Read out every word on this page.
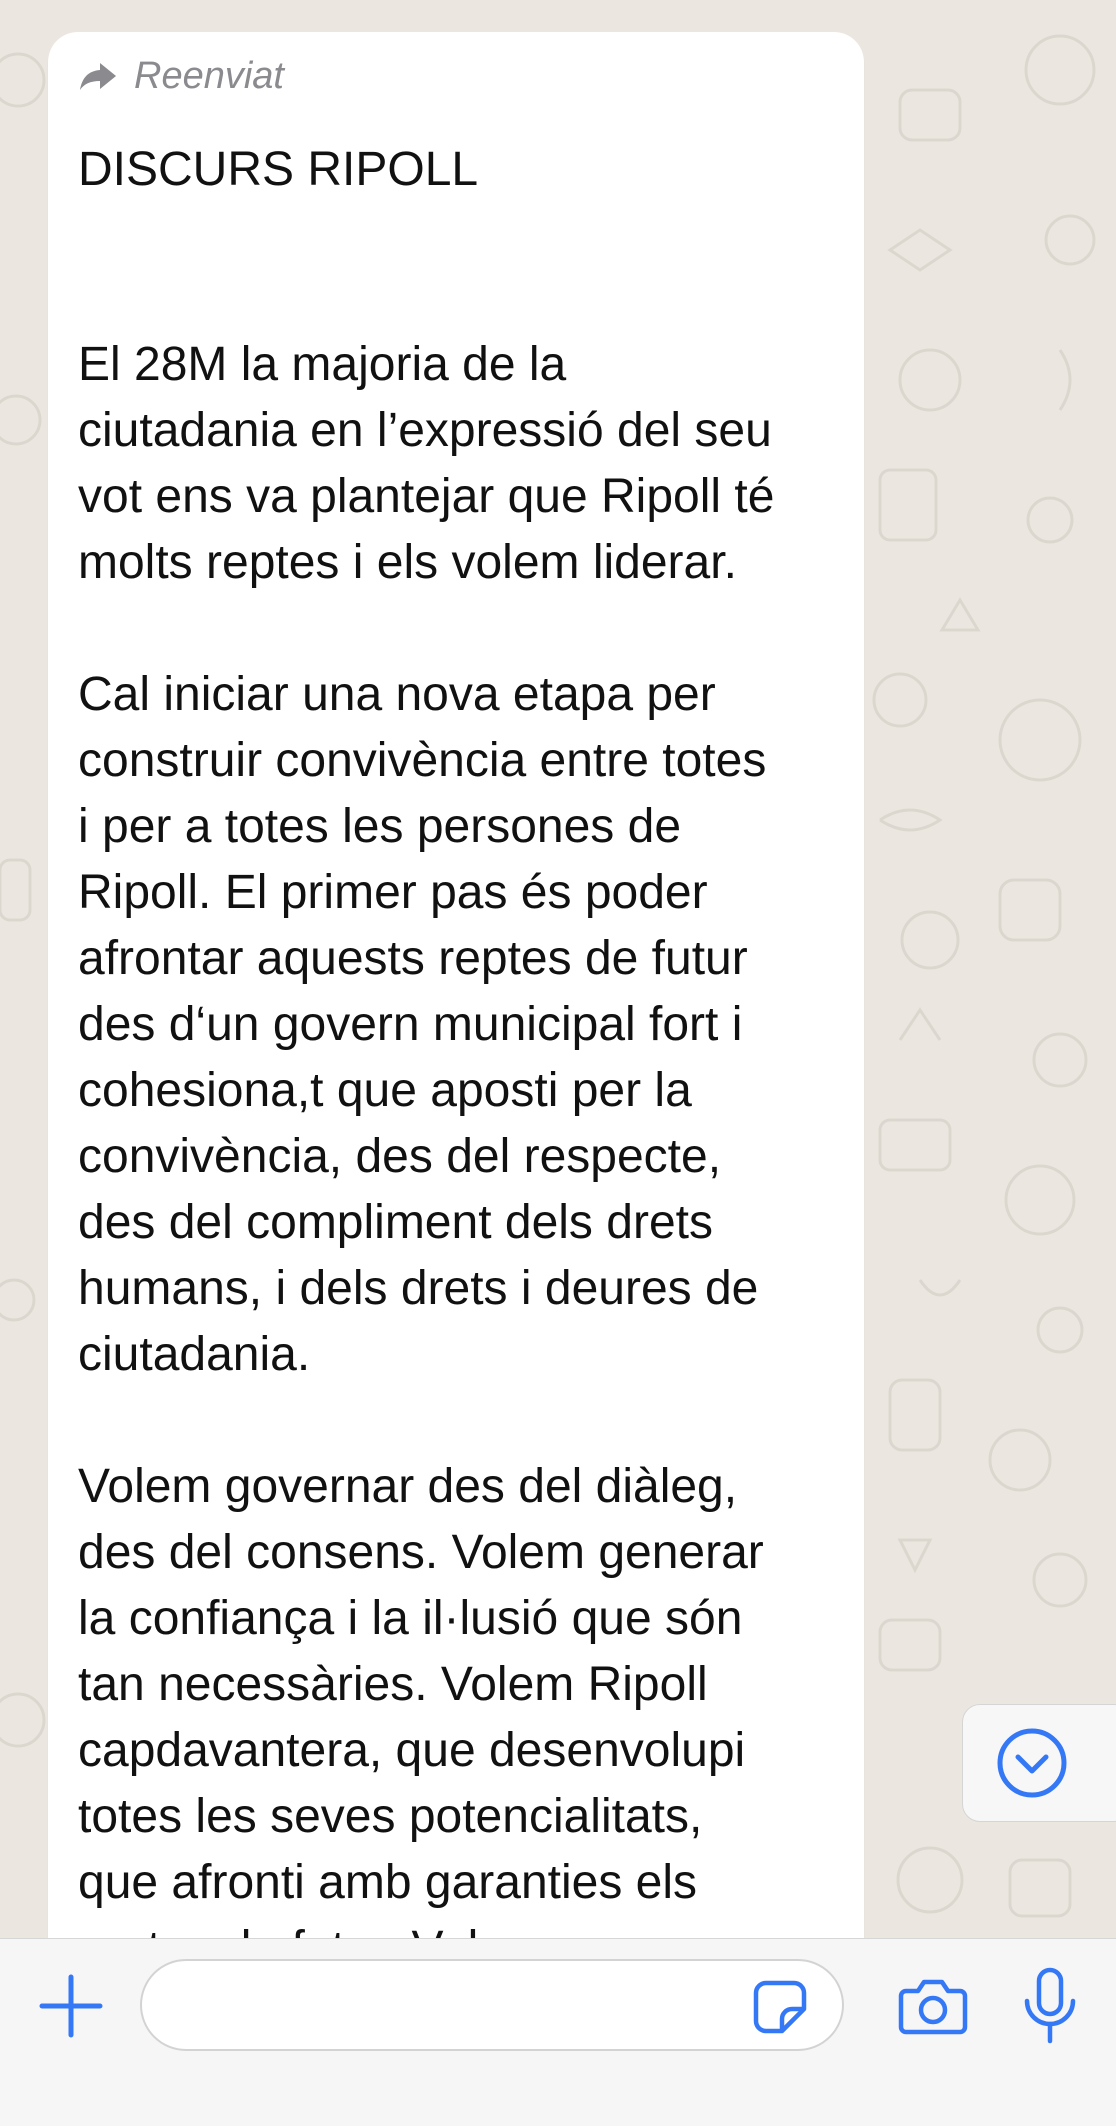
Reenviat
DISCURS RIPOLL

El 28M la majoria de la
ciutadania en l’expressió del seu
vot ens va plantejar que Ripoll té
molts reptes i els volem liderar.

Cal iniciar una nova etapa per
construir convivència entre totes
i per a totes les persones de
Ripoll. El primer pas és poder
afrontar aquests reptes de futur
des d‘un govern municipal fort i
cohesiona,t que aposti per la
convivència, des del respecte,
des del compliment dels drets
humans, i dels drets i deures de
ciutadania.

Volem governar des del diàleg,
des del consens. Volem generar
la confiança i la il·lusió que són
tan necessàries. Volem Ripoll
capdavantera, que desenvolupi
totes les seves potencialitats,
que afronti amb garanties els
